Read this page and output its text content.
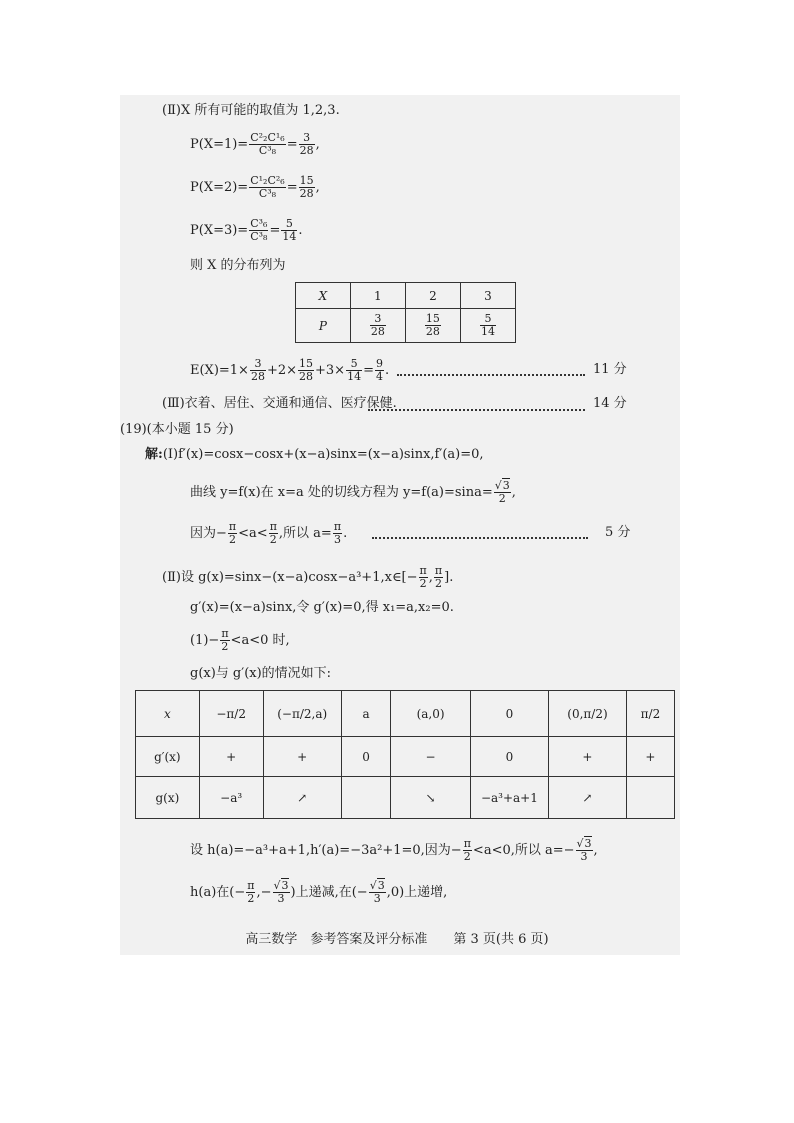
(Ⅱ)X 所有可能的取值为 1,2,3.
$P(X=1)= \frac{\text{C²₂C¹₆}}{\text{C³₈}} = \frac{3}{28}$ ,
$P(X=2)= \frac{\text{C¹₂C²₆}}{\text{C³₈}} = \frac{15}{28}$ ,
$P(X=3)= \frac{\text{C³₆}}{\text{C³₈}} = \frac{5}{14}$ .
则 X 的分布列为
X	1	2	3
P	$\frac{3}{28}$	$\frac{15}{28}$	$\frac{5}{14}$
$E(X)=1\times \frac{3}{28} +2\times \frac{15}{28} +3\times \frac{5}{14} = \frac{9}{4}$ .	11 分
(Ⅲ)衣着、居住、交通和通信、医疗保健.	14 分
(19)(本小题 15 分)
解:(Ⅰ)f′(x)=cosx−cosx+(x−a)sinx=(x−a)sinx,f′(a)=0,
曲线 y=f(x)在 x=a 处的切线方程为 $y=f(a)=\sin a= \frac{√3}{2}$ ,
因为− $\frac{\pi}{2} <a< \frac{\pi}{2}$ ,所以 $a= \frac{\pi}{3}$ .	5 分
(Ⅱ)设 g(x)=sinx−(x−a)cosx−a³+1,x∈[− $\frac{\pi}{2}$ , $\frac{\pi}{2}$ ].
g′(x)=(x−a)sinx,令 g′(x)=0,得 x₁=a,x₂=0.
$(1)- \frac{\pi}{2} <a<0$ 时,
g(x)与 g′(x)的情况如下:
x	−π/2	(−π/2,a)	a	(a,0)	0	(0,π/2)	π/2
g′(x)	+	+	0	−	0	+	+
g(x)	−a³	↗		↘	−a³+a+1	↗	
设 h(a)=−a³+a+1,h′(a)=−3a²+1=0,因为− $\frac{\pi}{2} <a<0$,所以 $a=- \frac{√3}{3}$ ,
h(a)在(− $\frac{\pi}{2}$ ,− $\frac{√3}{3}$ )上递减,在(− $\frac{√3}{3} ,0$)上递增,
高三数学　参考答案及评分标准　　第 3 页(共 6 页)
